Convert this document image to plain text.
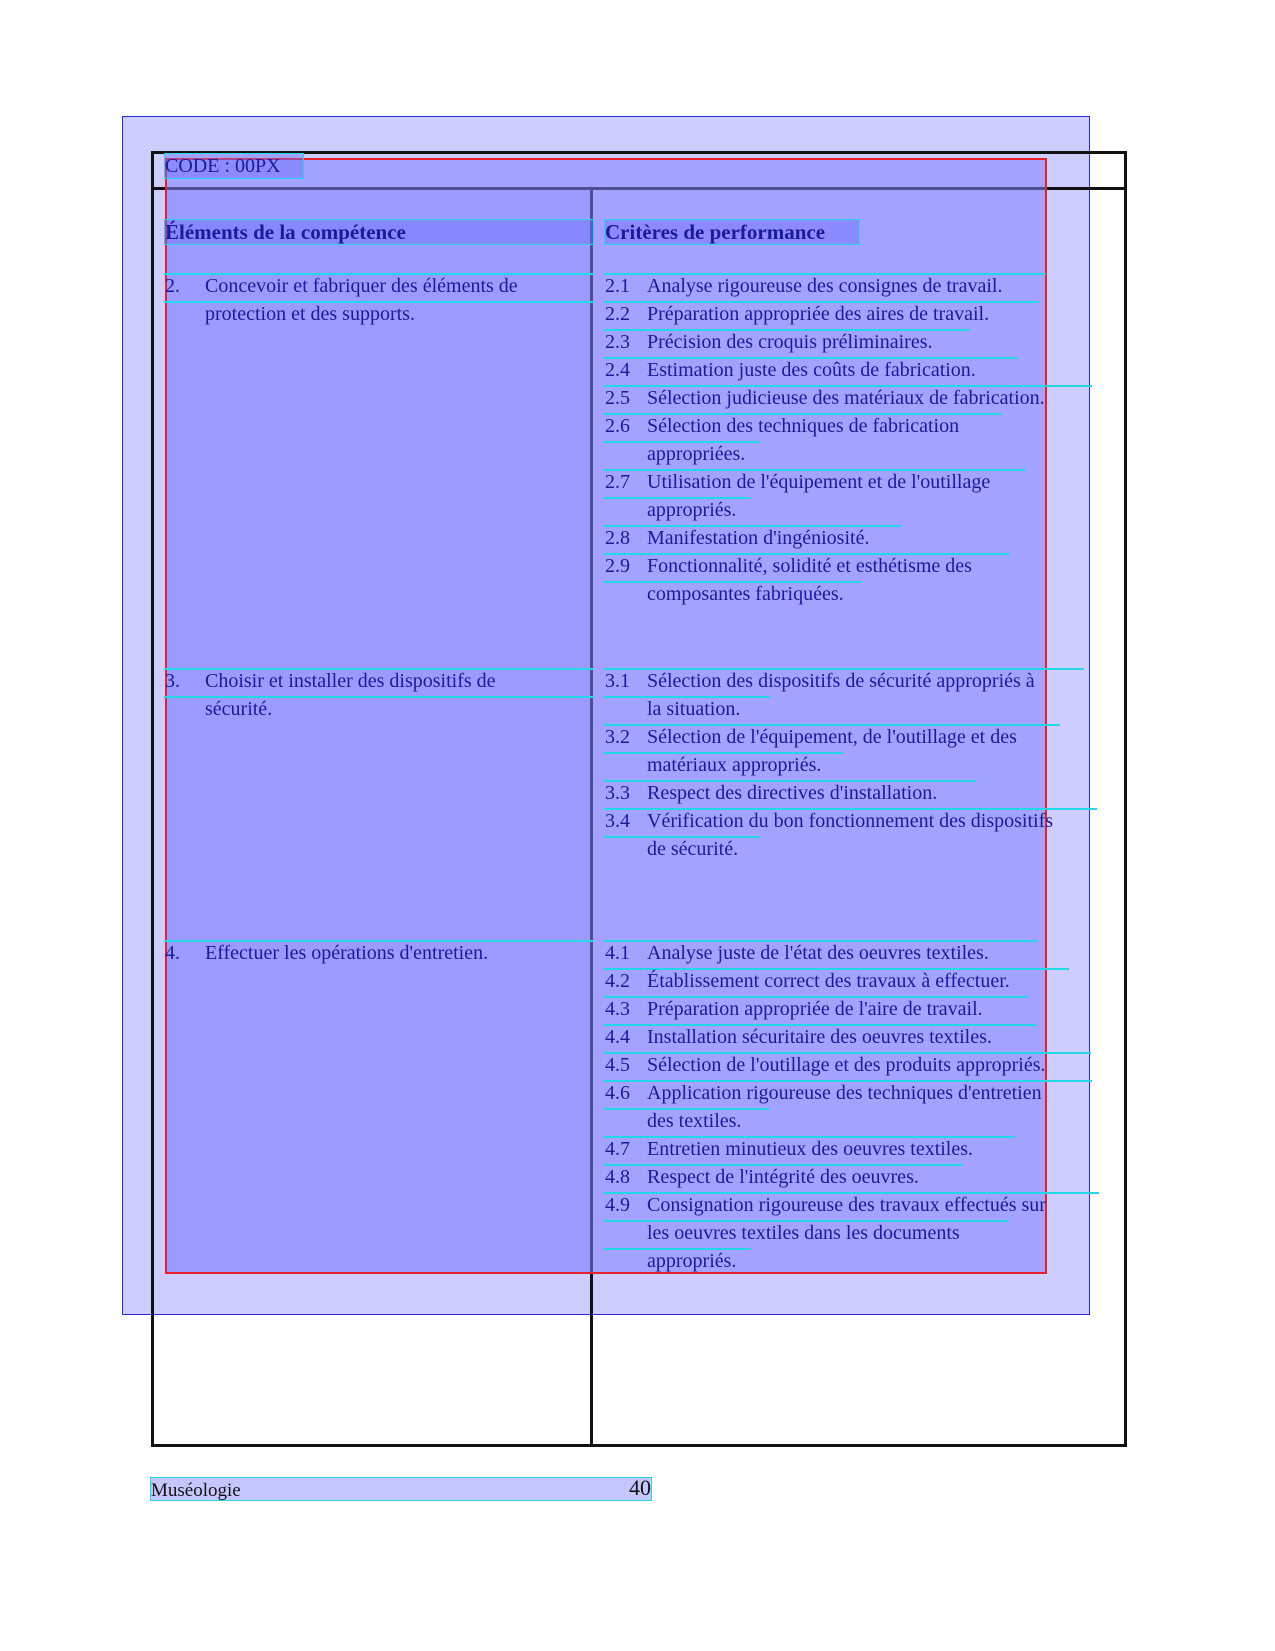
CODE : 00PX
Éléments de la compétence	Critères de performance
2. Concevoir et fabriquer des éléments de
protection et des supports.
3. Choisir et installer des dispositifs de
sécurité.
4. Effectuer les opérations d'entretien.
2.1 Analyse rigoureuse des consignes de travail.
2.2 Préparation appropriée des aires de travail.
2.3 Précision des croquis préliminaires.
2.4 Estimation juste des coûts de fabrication.
2.5 Sélection judicieuse des matériaux de fabrication.
2.6 Sélection des techniques de fabrication
appropriées.
2.7 Utilisation de l'équipement et de l'outillage
appropriés.
2.8 Manifestation d'ingéniosité.
2.9 Fonctionnalité, solidité et esthétisme des
composantes fabriquées.
3.1 Sélection des dispositifs de sécurité appropriés à
la situation.
3.2 Sélection de l'équipement, de l'outillage et des
matériaux appropriés.
3.3 Respect des directives d'installation.
3.4 Vérification du bon fonctionnement des dispositifs
de sécurité.
4.1 Analyse juste de l'état des oeuvres textiles.
4.2 Établissement correct des travaux à effectuer.
4.3 Préparation appropriée de l'aire de travail.
4.4 Installation sécuritaire des oeuvres textiles.
4.5 Sélection de l'outillage et des produits appropriés.
4.6 Application rigoureuse des techniques d'entretien
des textiles.
4.7 Entretien minutieux des oeuvres textiles.
4.8 Respect de l'intégrité des oeuvres.
4.9 Consignation rigoureuse des travaux effectués sur
les oeuvres textiles dans les documents
appropriés.
Muséologie	40
